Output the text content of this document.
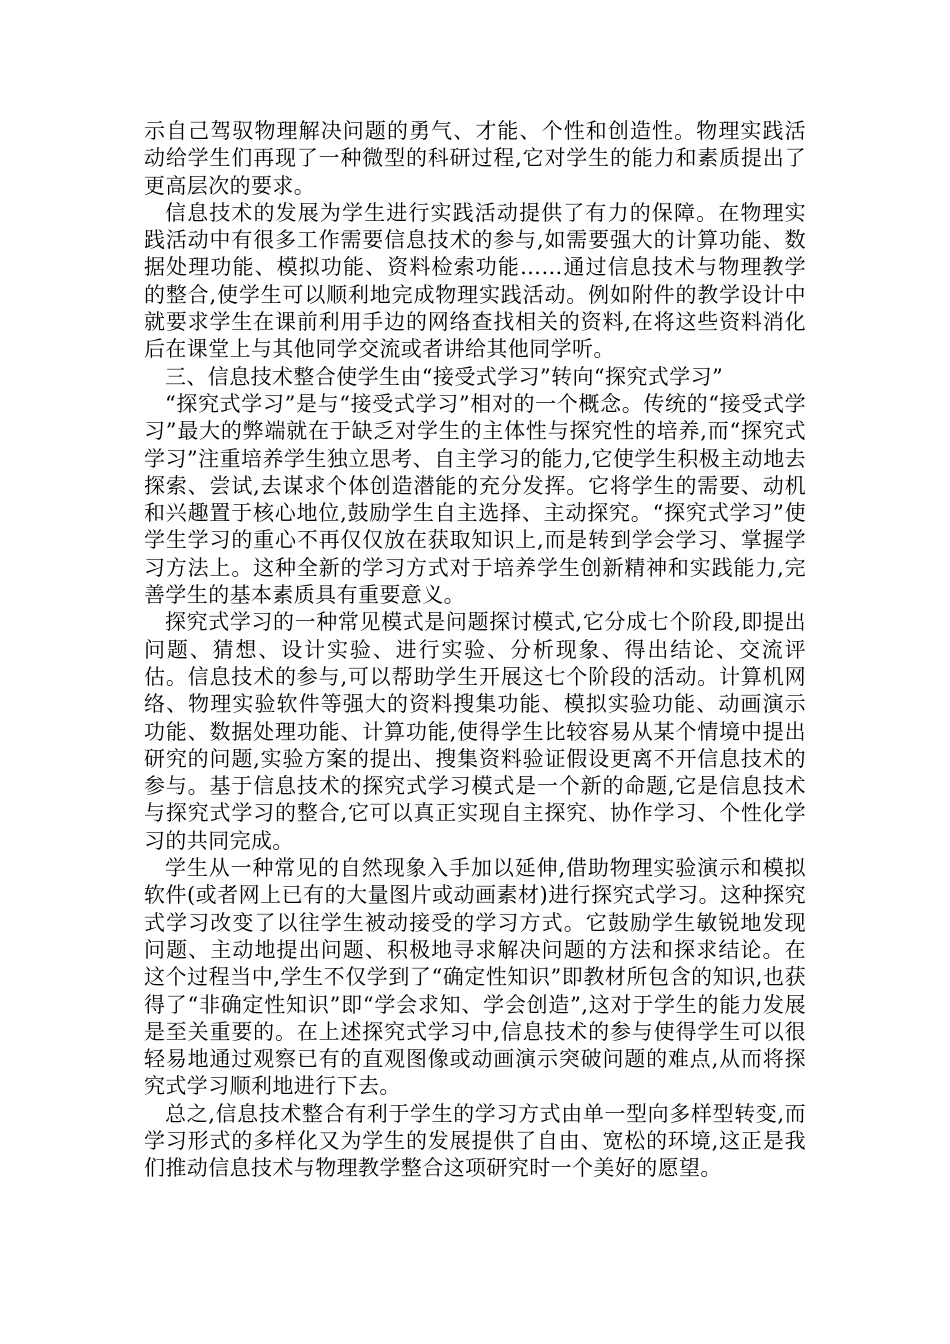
示自己驾驭物理解决问题的勇气、才能、个性和创造性。物理实践活动给学生们再现了一种微型的科研过程,它对学生的能力和素质提出了更高层次的要求。

信息技术的发展为学生进行实践活动提供了有力的保障。在物理实践活动中有很多工作需要信息技术的参与,如需要强大的计算功能、数据处理功能、模拟功能、资料检索功能……通过信息技术与物理教学的整合,使学生可以顺利地完成物理实践活动。例如附件的教学设计中就要求学生在课前利用手边的网络查找相关的资料,在将这些资料消化后在课堂上与其他同学交流或者讲给其他同学听。

三、信息技术整合使学生由“接受式学习”转向“探究式学习”

“探究式学习”是与“接受式学习”相对的一个概念。传统的“接受式学习”最大的弊端就在于缺乏对学生的主体性与探究性的培养,而“探究式学习”注重培养学生独立思考、自主学习的能力,它使学生积极主动地去探索、尝试,去谋求个体创造潜能的充分发挥。它将学生的需要、动机和兴趣置于核心地位,鼓励学生自主选择、主动探究。“探究式学习”使学生学习的重心不再仅仅放在获取知识上,而是转到学会学习、掌握学习方法上。这种全新的学习方式对于培养学生创新精神和实践能力,完善学生的基本素质具有重要意义。

探究式学习的一种常见模式是问题探讨模式,它分成七个阶段,即提出问题、猜想、设计实验、进行实验、分析现象、得出结论、交流评估。信息技术的参与,可以帮助学生开展这七个阶段的活动。计算机网络、物理实验软件等强大的资料搜集功能、模拟实验功能、动画演示功能、数据处理功能、计算功能,使得学生比较容易从某个情境中提出研究的问题,实验方案的提出、搜集资料验证假设更离不开信息技术的参与。基于信息技术的探究式学习模式是一个新的命题,它是信息技术与探究式学习的整合,它可以真正实现自主探究、协作学习、个性化学习的共同完成。

学生从一种常见的自然现象入手加以延伸,借助物理实验演示和模拟软件(或者网上已有的大量图片或动画素材)进行探究式学习。这种探究式学习改变了以往学生被动接受的学习方式。它鼓励学生敏锐地发现问题、主动地提出问题、积极地寻求解决问题的方法和探求结论。在这个过程当中,学生不仅学到了“确定性知识”即教材所包含的知识,也获得了“非确定性知识”即“学会求知、学会创造”,这对于学生的能力发展是至关重要的。在上述探究式学习中,信息技术的参与使得学生可以很轻易地通过观察已有的直观图像或动画演示突破问题的难点,从而将探究式学习顺利地进行下去。

总之,信息技术整合有利于学生的学习方式由单一型向多样型转变,而学习形式的多样化又为学生的发展提供了自由、宽松的环境,这正是我们推动信息技术与物理教学整合这项研究时一个美好的愿望。
